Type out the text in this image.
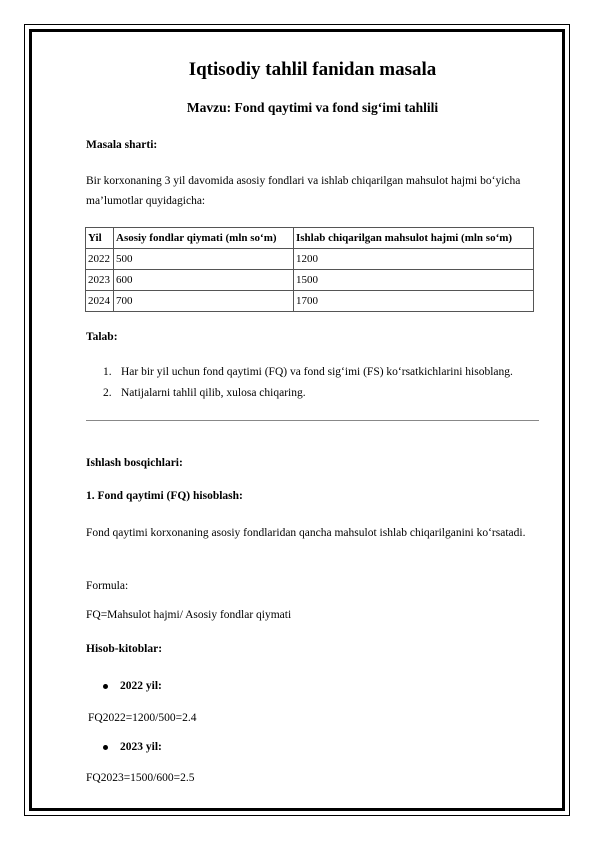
Iqtisodiy tahlil fanidan masala
Mavzu: Fond qaytimi va fond sig‘imi tahlili
Masala sharti:
Bir korxonaning 3 yil davomida asosiy fondlari va ishlab chiqarilgan mahsulot hajmi bo‘yicha ma’lumotlar quyidagicha:
Talab:
Ishlash bosqichlari:
1. Fond qaytimi (FQ) hisoblash:
Fond qaytimi korxonaning asosiy fondlaridan qancha mahsulot ishlab chiqarilganini ko‘rsatadi.
Formula:
FQ=Mahsulot hajmi/ Asosiy fondlar qiymati
Hisob-kitoblar:
2022 yil:
FQ2022=1200/500=2.4
2023 yil:
FQ2023=1500/600=2.5
Yil	Asosiy fondlar qiymati (mln so‘m)	Ishlab chiqarilgan mahsulot hajmi (mln so‘m)
2022	500	1200
2023	600	1500
2024	700	1700
1. Har bir yil uchun fond qaytimi (FQ) va fond sig‘imi (FS) ko‘rsatkichlarini hisoblang.
2. Natijalarni tahlil qilib, xulosa chiqaring.
